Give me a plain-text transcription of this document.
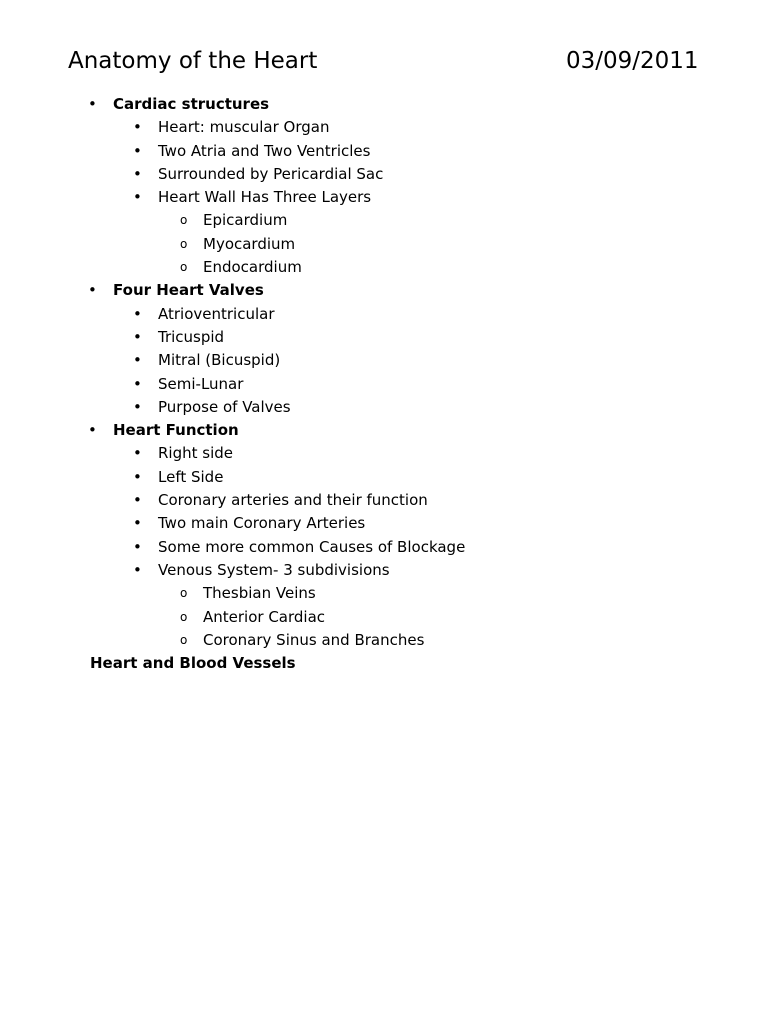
Anatomy of the Heart	03/09/2011
• Cardiac structures
• Heart: muscular Organ
• Two Atria and Two Ventricles
• Surrounded by Pericardial Sac
• Heart Wall Has Three Layers
o Epicardium
o Myocardium
o Endocardium
• Four Heart Valves
• Atrioventricular
• Tricuspid
• Mitral (Bicuspid)
• Semi-Lunar
• Purpose of Valves
• Heart Function
• Right side
• Left Side
• Coronary arteries and their function
• Two main Coronary Arteries
• Some more common Causes of Blockage
• Venous System- 3 subdivisions
o Thesbian Veins
o Anterior Cardiac
o Coronary Sinus and Branches
Heart and Blood Vessels
